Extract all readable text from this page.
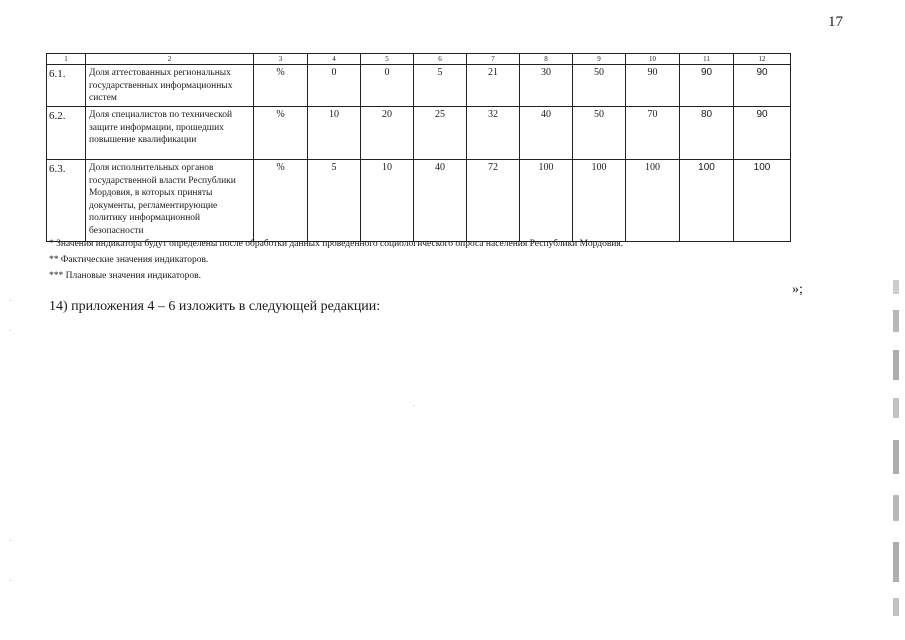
17
1	2	3	4	5	6	7	8	9	10	11	12
6.1.	Доля аттестованных региональных государственных информационных систем	%	0	0	5	21	30	50	90	90	90
6.2.	Доля специалистов по технической защите информации, прошедших повышение квалификации	%	10	20	25	32	40	50	70	80	90
6.3.	Доля исполнительных органов государственной власти Республики Мордовия, в которых приняты документы, регламентирующие политику информационной безопасности	%	5	10	40	72	100	100	100	100	100
* Значения индикатора будут определены после обработки данных проведенного социологического опроса населения Республики Мордовия.
** Фактические значения индикаторов.
*** Плановые значения индикаторов.
»;
14) приложения 4 – 6 изложить в следующей редакции:
